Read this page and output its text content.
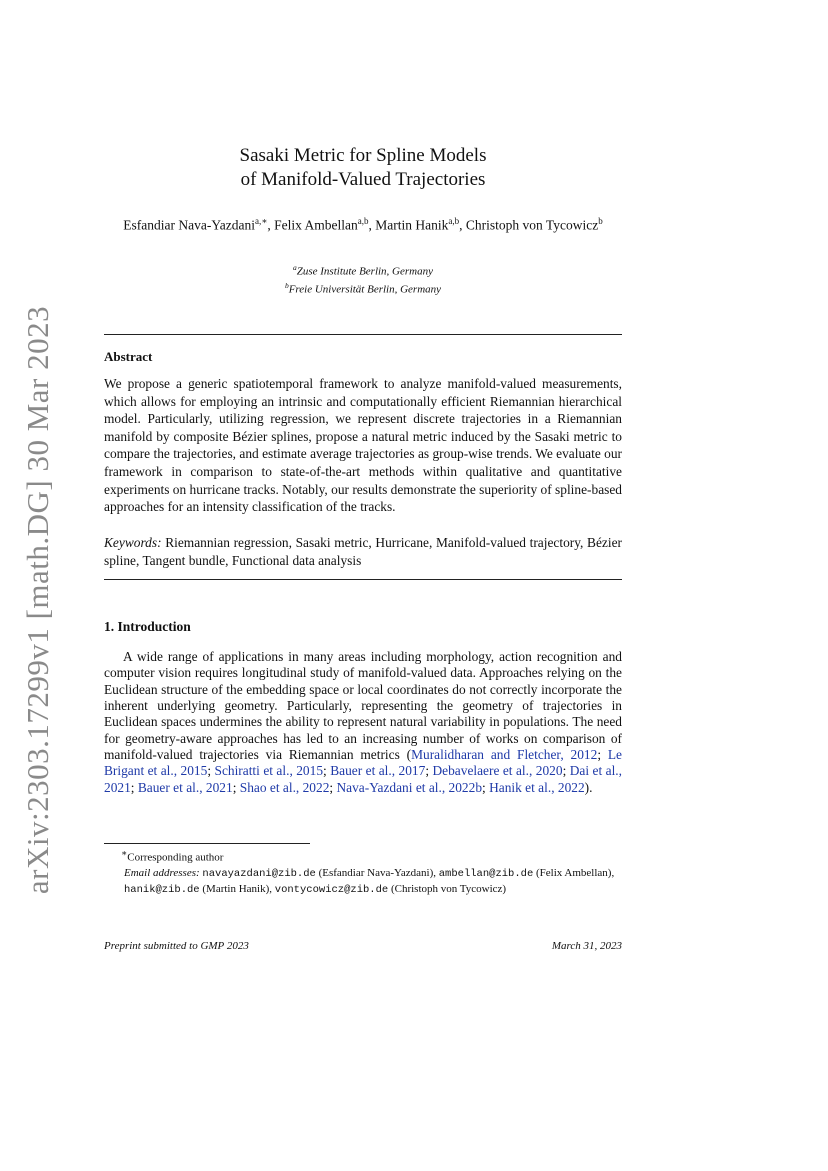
arXiv:2303.17299v1 [math.DG] 30 Mar 2023
Sasaki Metric for Spline Models
of Manifold-Valued Trajectories
Esfandiar Nava-Yazdani$^{a,∗}$, Felix Ambellan$^{a,b}$, Martin Hanik$^{a,b}$, Christoph von Tycowicz$^b$
$^a$Zuse Institute Berlin, Germany
$^b$Freie Universität Berlin, Germany
Abstract
We propose a generic spatiotemporal framework to analyze manifold-valued measurements, which allows for employing an intrinsic and computationally efficient Riemannian hierarchical model. Particularly, utilizing regression, we represent discrete trajectories in a Riemannian manifold by composite Bézier splines, propose a natural metric induced by the Sasaki metric to compare the trajectories, and estimate average trajectories as group-wise trends. We evaluate our framework in comparison to state-of-the-art methods within qualitative and quantitative experiments on hurricane tracks. Notably, our results demonstrate the superiority of spline-based approaches for an intensity classification of the tracks.
Keywords: Riemannian regression, Sasaki metric, Hurricane, Manifold-valued trajectory, Bézier spline, Tangent bundle, Functional data analysis
1. Introduction
A wide range of applications in many areas including morphology, action recognition and computer vision requires longitudinal study of manifold-valued data. Approaches relying on the Euclidean structure of the embedding space or local coordinates do not correctly incorporate the inherent underlying geometry. Particularly, representing the geometry of trajectories in Euclidean spaces undermines the ability to represent natural variability in populations. The need for geometry-aware approaches has led to an increasing number of works on comparison of manifold-valued trajectories via Riemannian metrics (Muralidharan and Fletcher, 2012; Le Brigant et al., 2015; Schiratti et al., 2015; Bauer et al., 2017; Debavelaere et al., 2020; Dai et al., 2021; Bauer et al., 2021; Shao et al., 2022; Nava-Yazdani et al., 2022b; Hanik et al., 2022).
∗Corresponding author
Email addresses: navayazdani@zib.de (Esfandiar Nava-Yazdani), ambellan@zib.de (Felix Ambellan), hanik@zib.de (Martin Hanik), vontycowicz@zib.de (Christoph von Tycowicz)
Preprint submitted to GMP 2023	March 31, 2023
